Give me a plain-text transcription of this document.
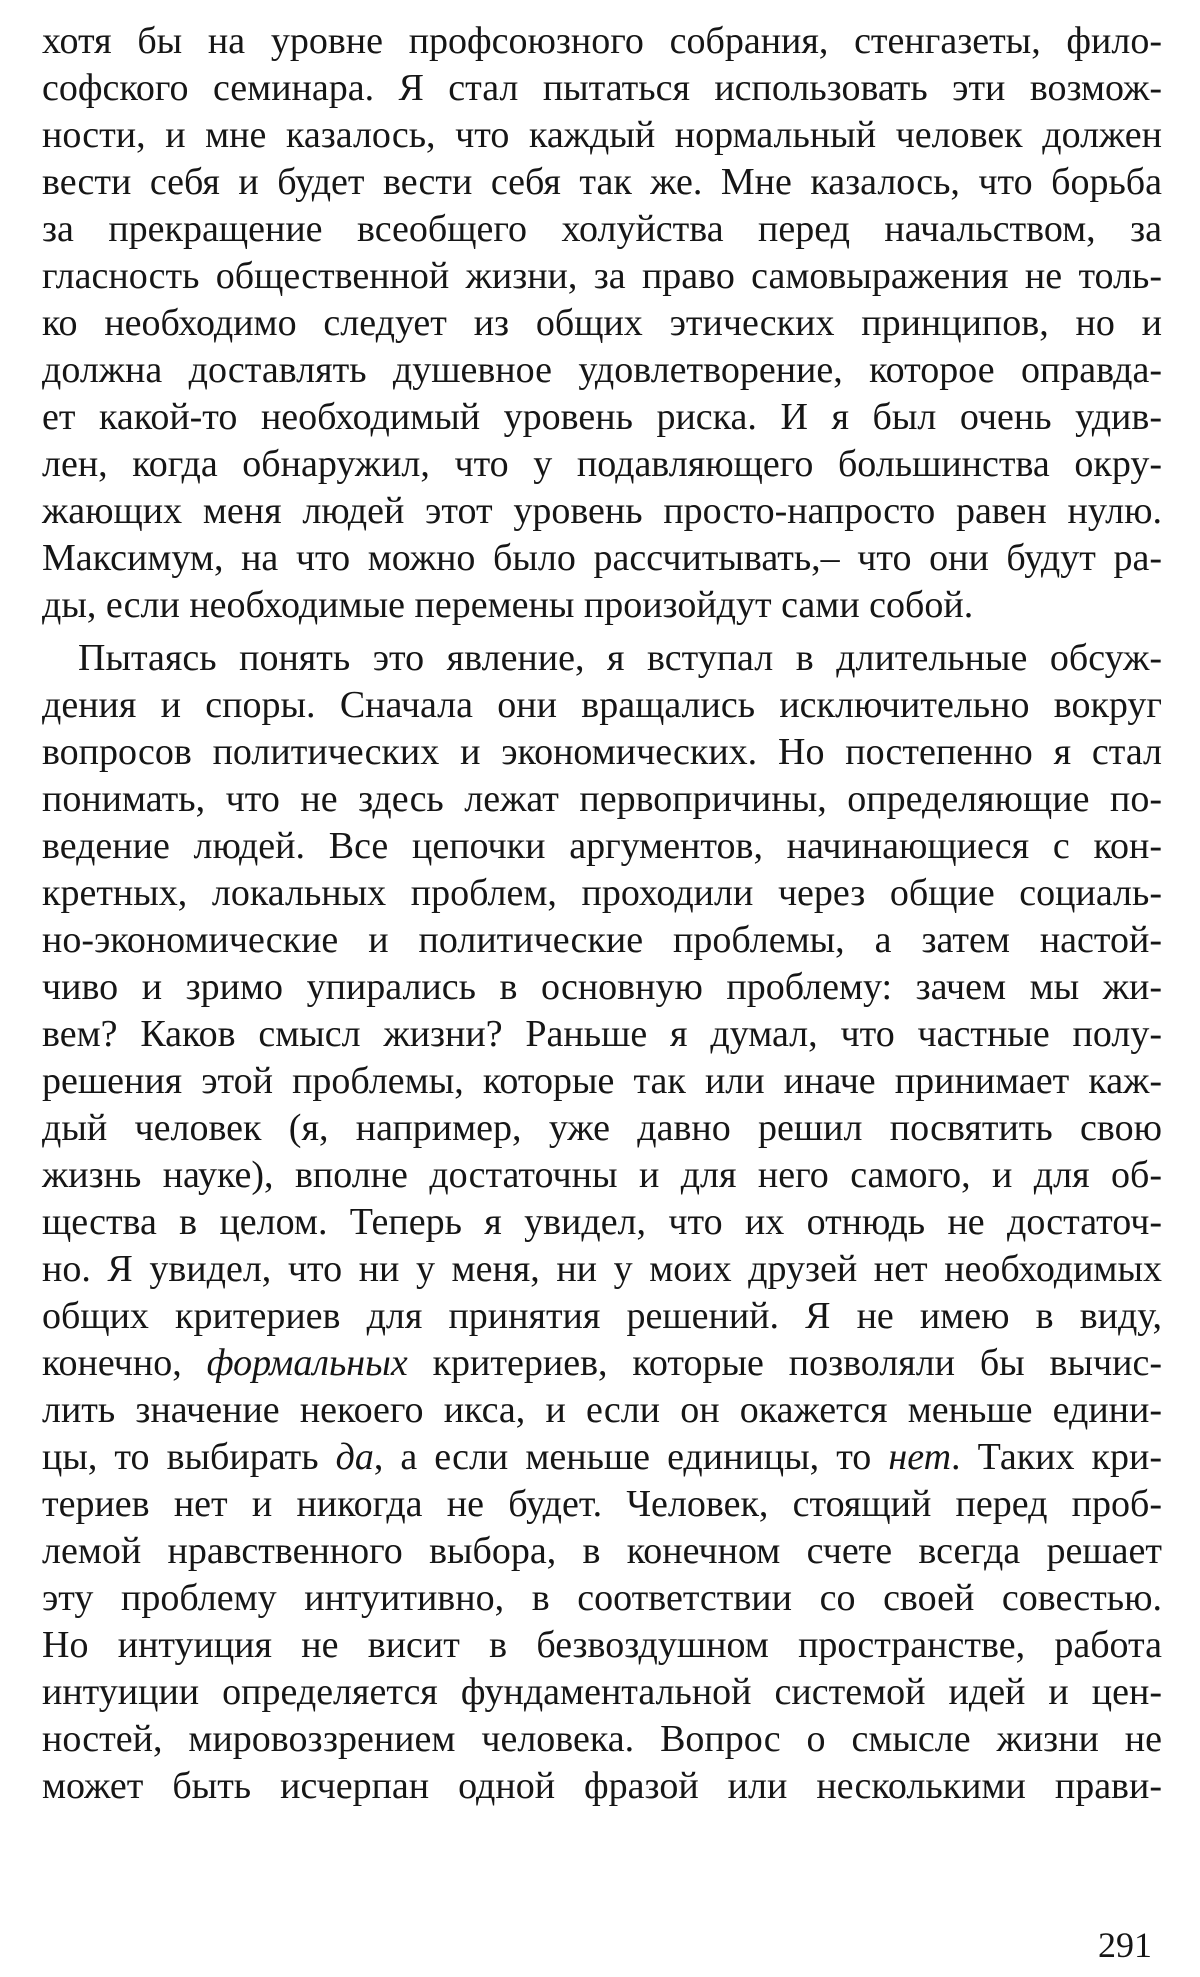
хотя бы на уровне профсоюзного собрания, стенгазеты, фило-
софского семинара. Я стал пытаться использовать эти возмож-
ности, и мне казалось, что каждый нормальный человек должен
вести себя и будет вести себя так же. Мне казалось, что борьба
за прекращение всеобщего холуйства перед начальством, за
гласность общественной жизни, за право самовыражения не толь-
ко необходимо следует из общих этических принципов, но и
должна доставлять душевное удовлетворение, которое оправда-
ет какой-то необходимый уровень риска. И я был очень удив-
лен, когда обнаружил, что у подавляющего большинства окру-
жающих меня людей этот уровень просто-напросто равен нулю.
Максимум, на что можно было рассчитывать,– что они будут ра-
ды, если необходимые перемены произойдут сами собой.
Пытаясь понять это явление, я вступал в длительные обсуж-
дения и споры. Сначала они вращались исключительно вокруг
вопросов политических и экономических. Но постепенно я стал
понимать, что не здесь лежат первопричины, определяющие по-
ведение людей. Все цепочки аргументов, начинающиеся с кон-
кретных, локальных проблем, проходили через общие социаль-
но-экономические и политические проблемы, а затем настой-
чиво и зримо упирались в основную проблему: зачем мы жи-
вем? Каков смысл жизни? Раньше я думал, что частные полу-
решения этой проблемы, которые так или иначе принимает каж-
дый человек (я, например, уже давно решил посвятить свою
жизнь науке), вполне достаточны и для него самого, и для об-
щества в целом. Теперь я увидел, что их отнюдь не достаточ-
но. Я увидел, что ни у меня, ни у моих друзей нет необходимых
общих критериев для принятия решений. Я не имею в виду,
конечно, формальных критериев, которые позволяли бы вычис-
лить значение некоего икса, и если он окажется меньше едини-
цы, то выбирать да, а если меньше единицы, то нет. Таких кри-
териев нет и никогда не будет. Человек, стоящий перед проб-
лемой нравственного выбора, в конечном счете всегда решает
эту проблему интуитивно, в соответствии со своей совестью.
Но интуиция не висит в безвоздушном пространстве, работа
интуиции определяется фундаментальной системой идей и цен-
ностей, мировоззрением человека. Вопрос о смысле жизни не
может быть исчерпан одной фразой или несколькими прави-
291
